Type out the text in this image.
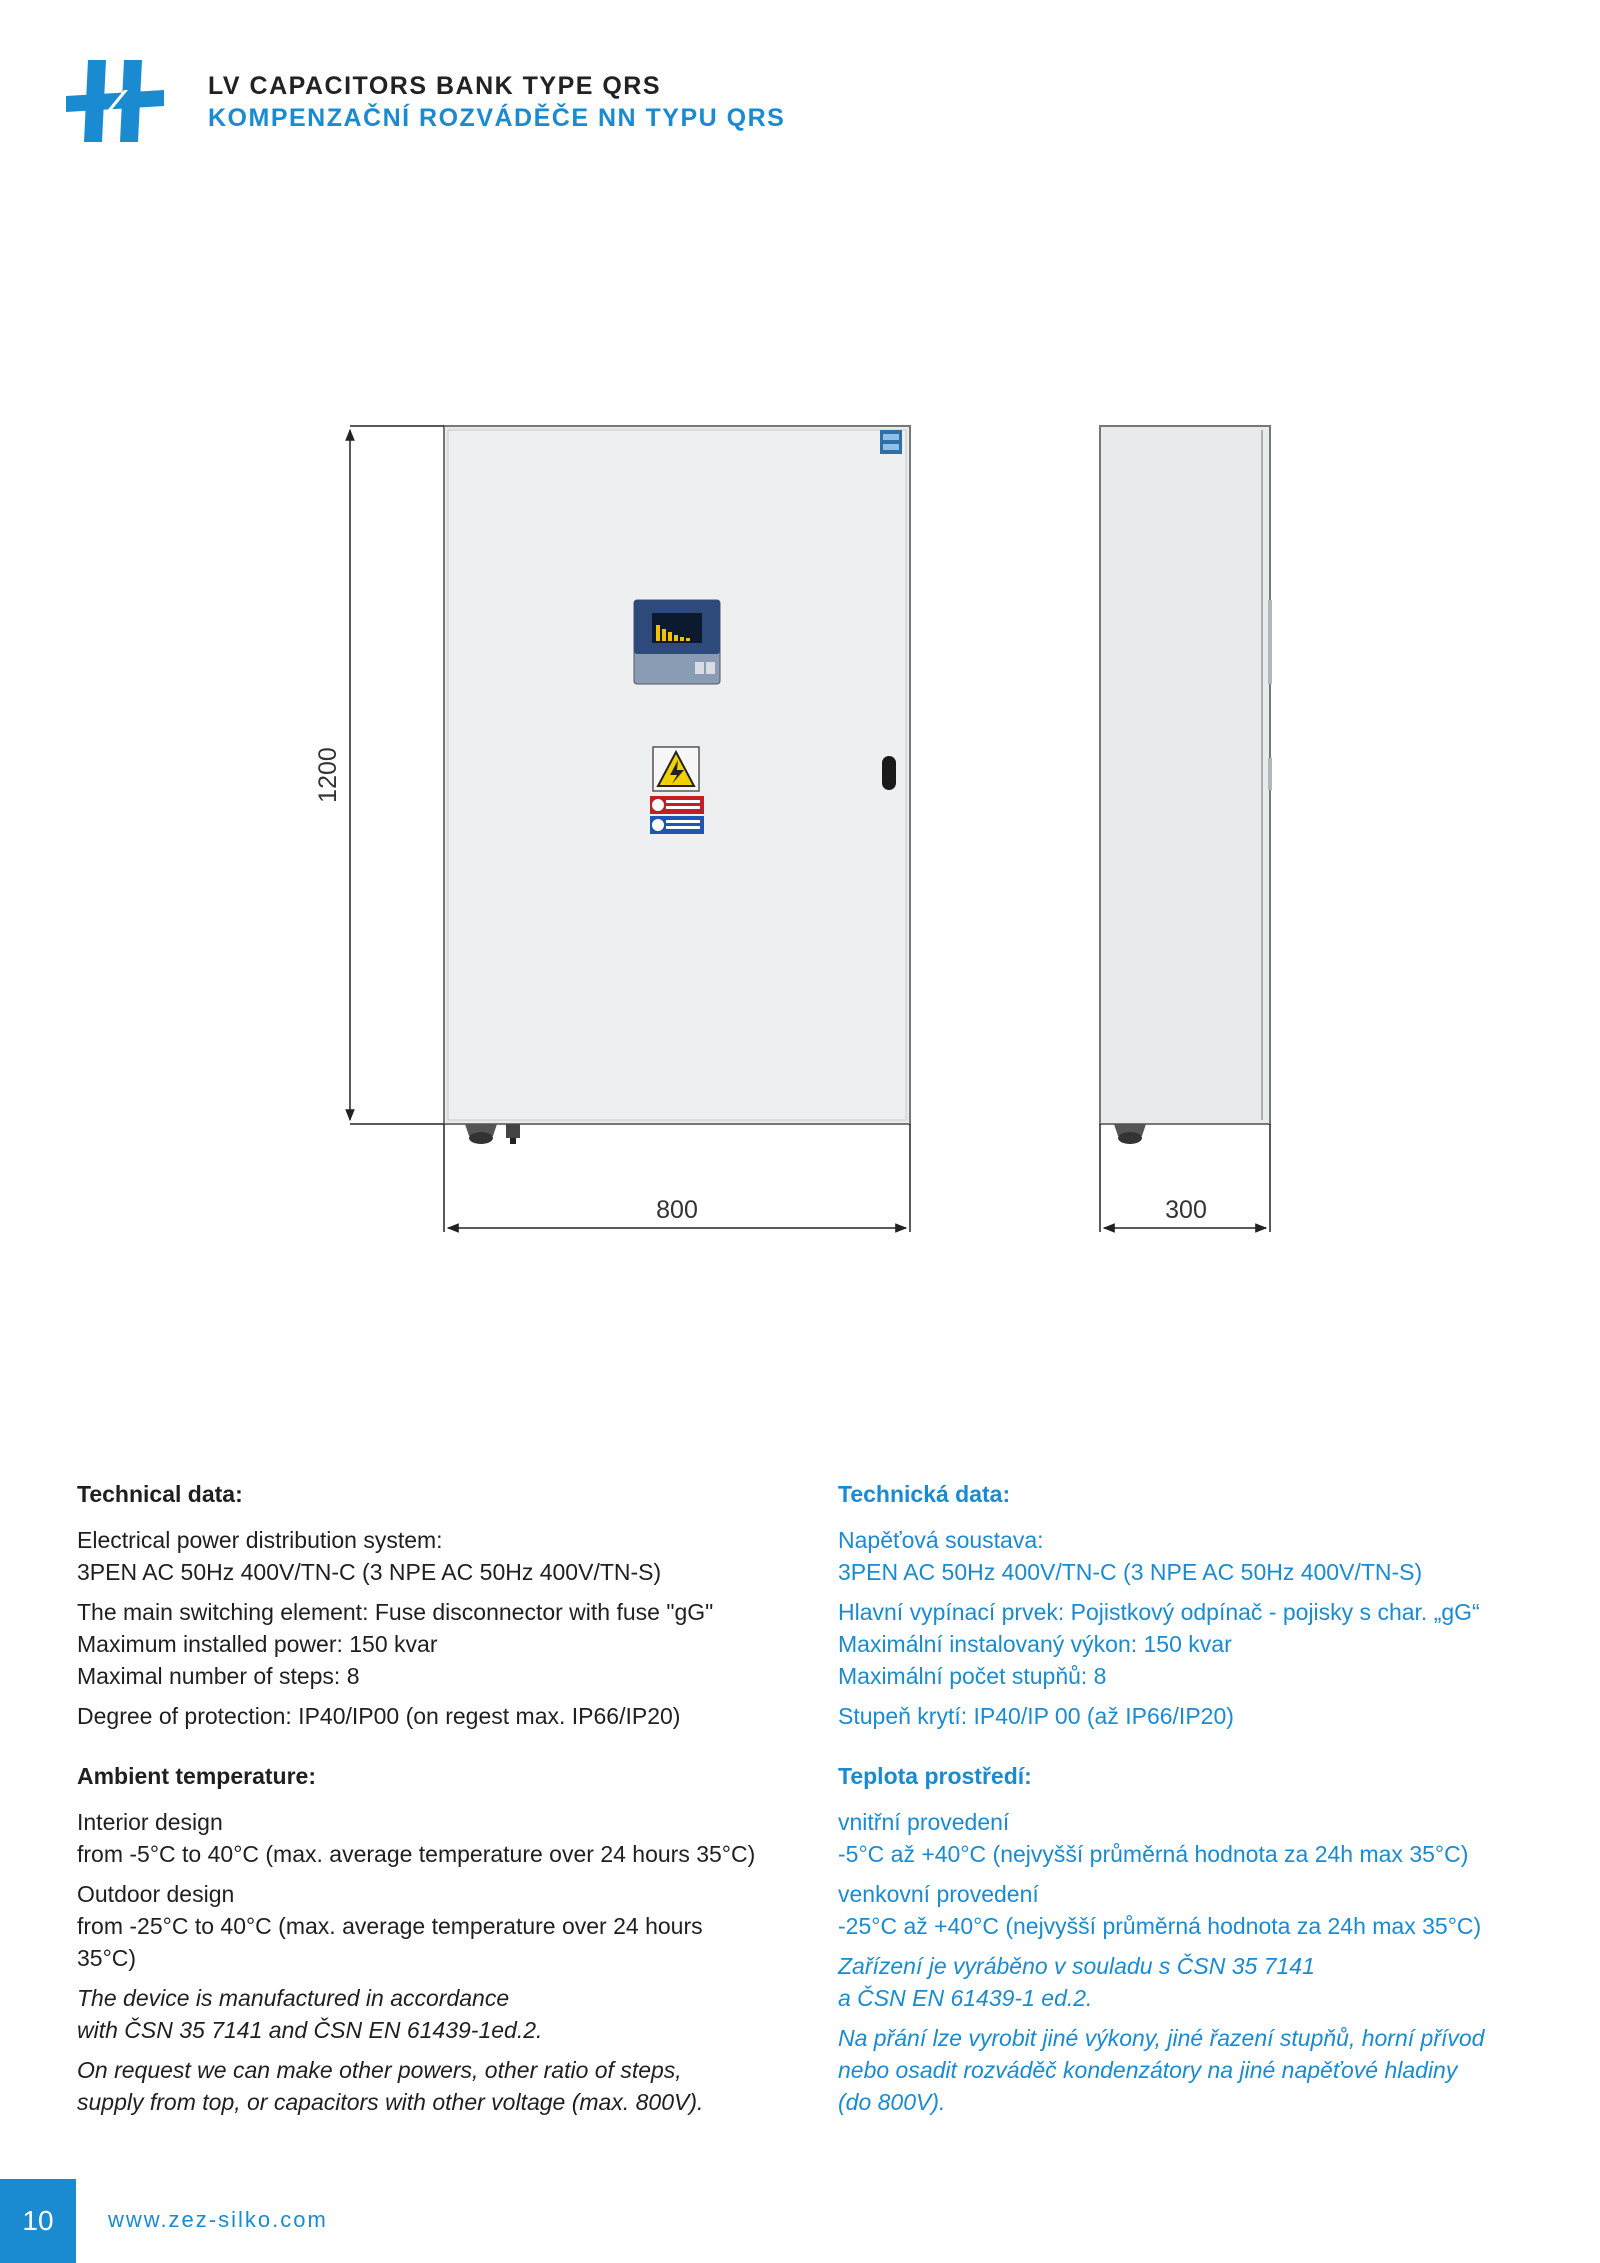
LV CAPACITORS BANK TYPE QRS
KOMPENZAČNÍ ROZVÁDĚČE NN TYPU QRS
1200
800	300
Technical data:

Electrical power distribution system:
3PEN AC 50Hz 400V/TN-C (3 NPE AC 50Hz 400V/TN-S)

The main switching element: Fuse disconnector with fuse "gG"
Maximum installed power: 150 kvar
Maximal number of steps: 8

Degree of protection: IP40/IP00 (on regest max. IP66/IP20)

Ambient temperature:

Interior design
from -5°C to 40°C (max. average temperature over 24 hours 35°C)

Outdoor design
from -25°C to 40°C (max. average temperature over 24 hours
35°C)

The device is manufactured in accordance
with ČSN 35 7141 and ČSN EN 61439-1ed.2.

On request we can make other powers, other ratio of steps,
supply from top, or capacitors with other voltage (max. 800V).

Technická data:

Napěťová soustava:
3PEN AC 50Hz 400V/TN-C (3 NPE AC 50Hz 400V/TN-S)

Hlavní vypínací prvek: Pojistkový odpínač - pojisky s char. „gG“
Maximální instalovaný výkon: 150 kvar
Maximální počet stupňů: 8

Stupeň krytí: IP40/IP 00 (až IP66/IP20)

Teplota prostředí:

vnitřní provedení
-5°C až +40°C (nejvyšší průměrná hodnota za 24h max 35°C)

venkovní provedení
-25°C až +40°C (nejvyšší průměrná hodnota za 24h max 35°C)

Zařízení je vyráběno v souladu s ČSN 35 7141
a ČSN EN 61439-1 ed.2.

Na přání lze vyrobit jiné výkony, jiné řazení stupňů, horní přívod
nebo osadit rozváděč kondenzátory na jiné napěťové hladiny
(do 800V).

10	www.zez-silko.com
